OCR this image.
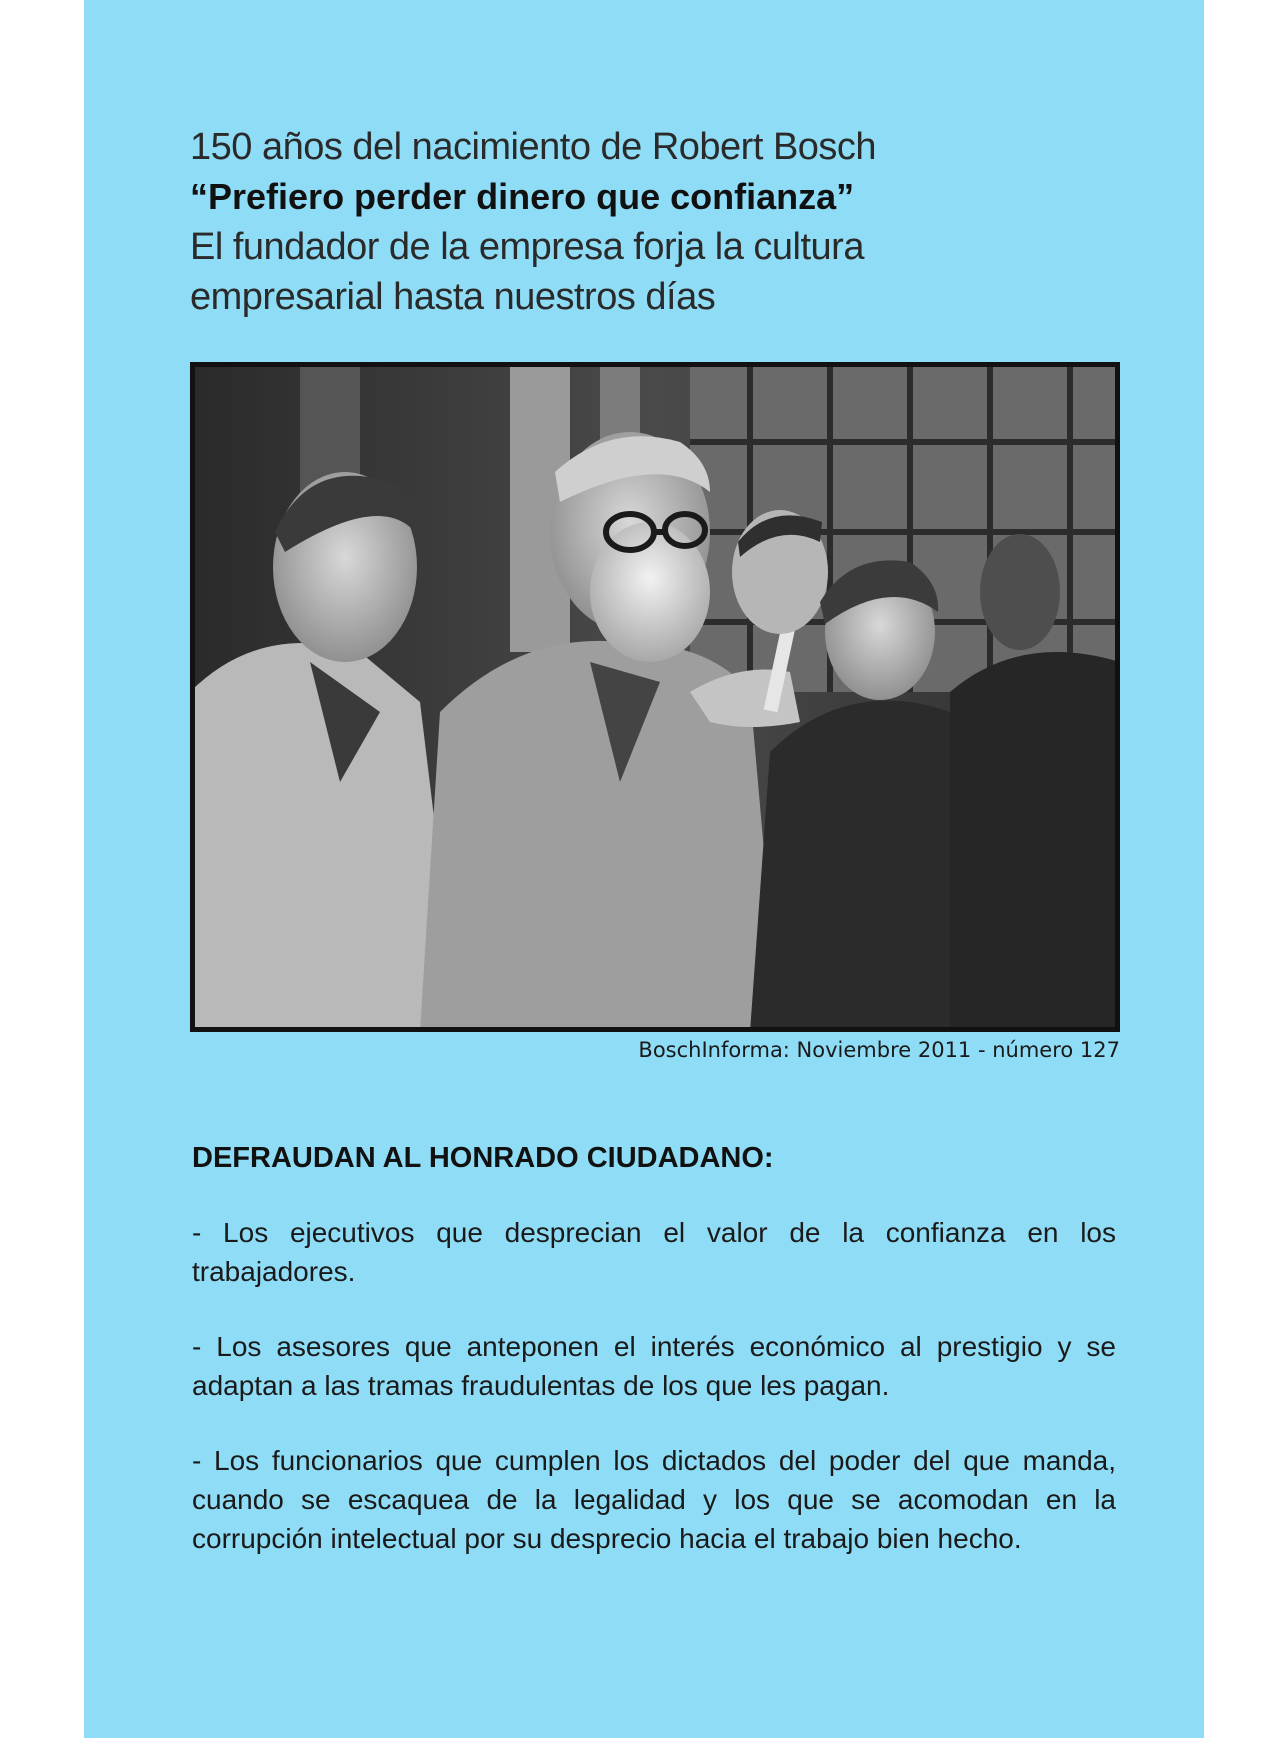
150 años del nacimiento de Robert Bosch
“Prefiero perder dinero que confianza”
El fundador de la empresa forja la cultura
empresarial hasta nuestros días
BoschInforma: Noviembre 2011 - número 127
DEFRAUDAN AL HONRADO CIUDADANO:

- Los ejecutivos que desprecian el valor de la confianza en los trabajadores.

- Los asesores que anteponen el interés económico al prestigio y se adaptan a las tramas fraudulentas de los que les pagan.

- Los funcionarios que cumplen los dictados del poder del que manda, cuando se escaquea de la legalidad y los que se acomodan en la corrupción intelectual por su desprecio hacia el trabajo bien hecho.
